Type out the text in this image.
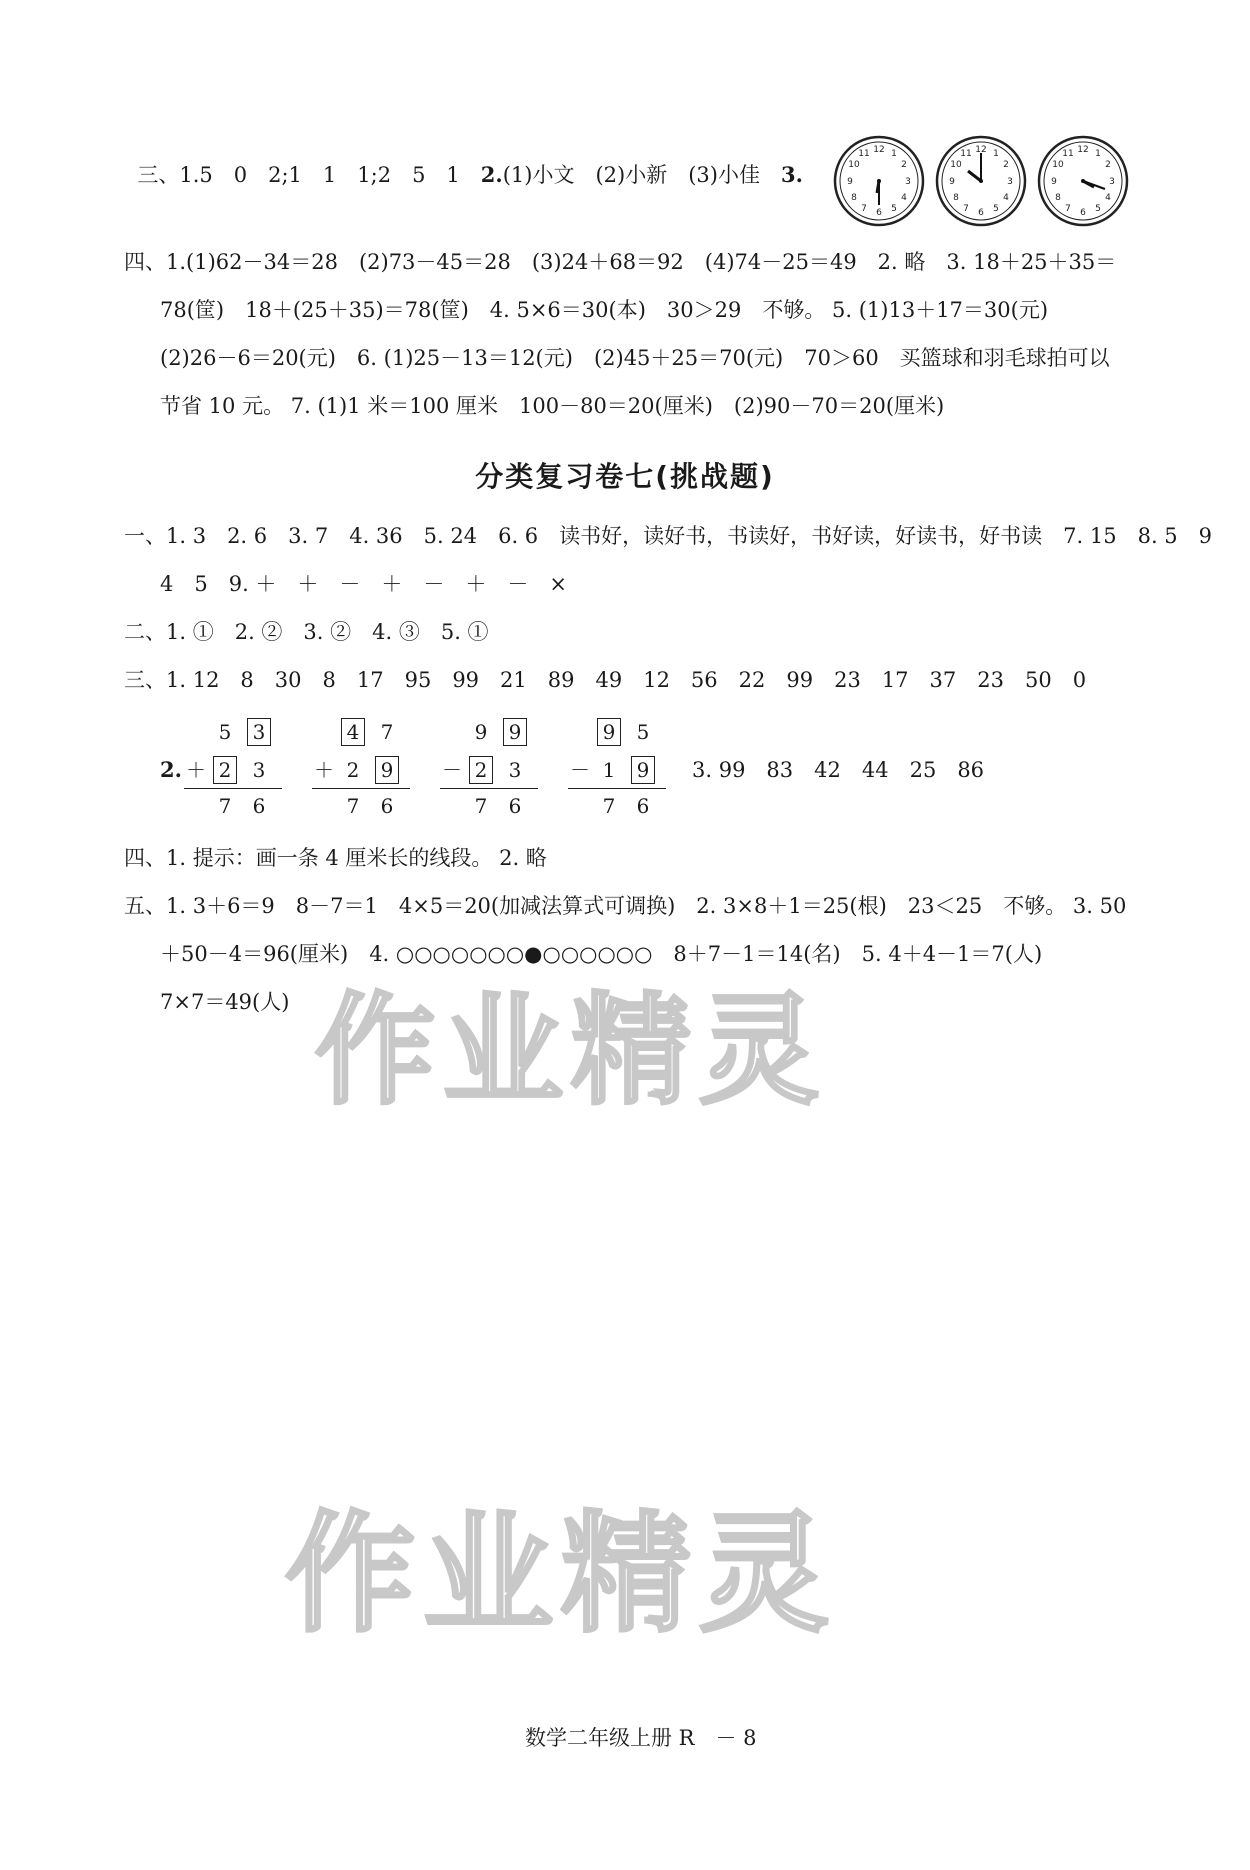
三、1.5　0　2;1　1　1;2　5　1　 2.(1)小文　(2)小新　(3)小佳　 3.

12 1
2
3
4
5
6
7
8
9
10
11	12 1
2
3
4
5
6
7
8
9
10
11	12 1
2
3
4
5
6
7
8
9
10
11
四、1.(1)62－34＝28　(2)73－45＝28　(3)24＋68＝92　(4)74－25＝49　2. 略　3. 18＋25＋35＝
78(筐)　18＋(25＋35)＝78(筐)　4. 5×6＝30(本)　30＞29　不够。 5. (1)13＋17＝30(元)
(2)26－6＝20(元)　6. (1)25－13＝12(元)　(2)45＋25＝70(元)　70＞60　买篮球和羽毛球拍可以
节省 10 元。 7. (1)1 米＝100 厘米　100－80＝20(厘米)　(2)90－70＝20(厘米)
分类复习卷七(挑战题)
一、1. 3　2. 6　3. 7　4. 36　5. 24　6. 6　读书好，读好书，书读好，书好读，好读书，好书读　7. 15　8. 5　9
4　5　9. ＋　＋　－　＋　－　＋　－　×
二、1. ①　2. ②　3. ②　4. ③　5. ①
三、1. 12　8　30　8　17　95　99　21　89　49　12　56　22　99　23　17　37　23　50　0
2.
5 3
＋ 2 3
7 6
4 7
＋ 2 9
7 6
9 9
－ 2 3
7 6
9 5
－ 1 9
7 6
3. 99　83　42　44　25　86
四、1. 提示：画一条 4 厘米长的线段。 2. 略
五、1. 3＋6＝9　8－7＝1　4×5＝20(加减法算式可调换)　2. 3×8＋1＝25(根)　23＜25　不够。 3. 50
＋50－4＝96(厘米)　4. ○○○○○○○●○○○○○○　8＋7－1＝14(名)　5. 4＋4－1＝7(人)
7×7＝49(人) 作业精灵
作业精灵
数学二年级上册 R　－ 8
